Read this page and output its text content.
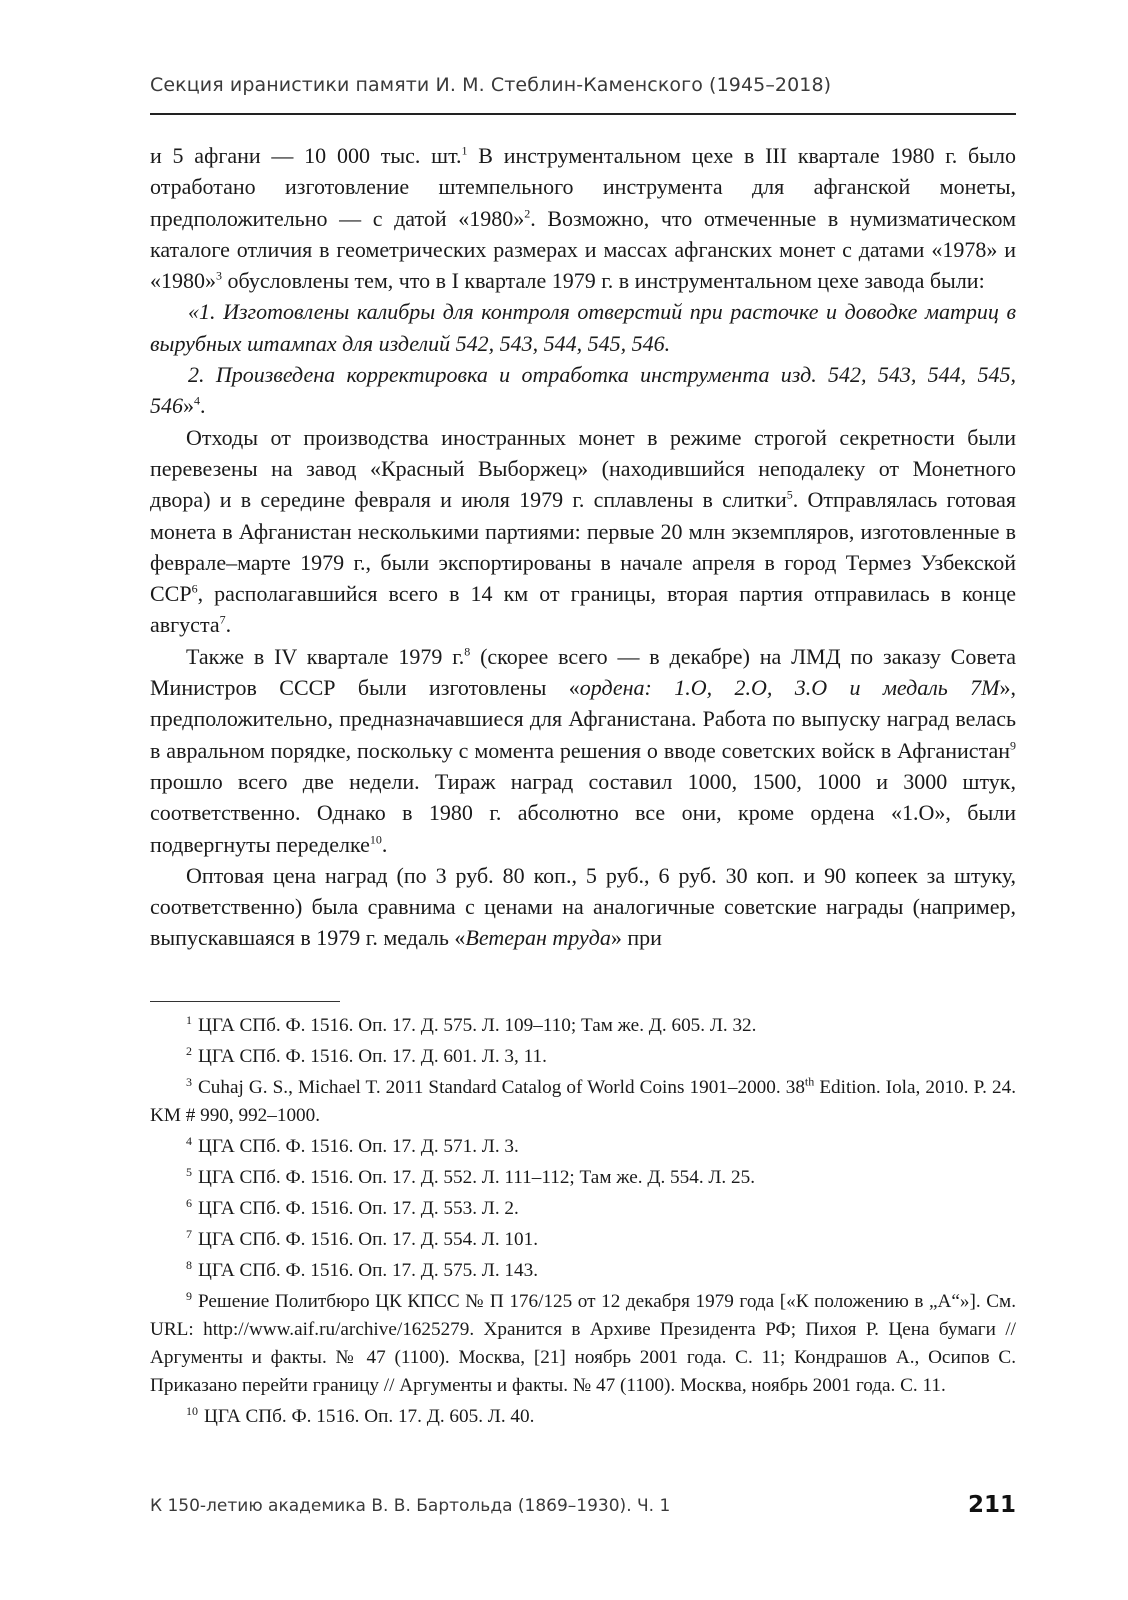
Секция иранистики памяти И. М. Стеблин-Каменского (1945–2018)

и 5 афгани — 10 000 тыс. шт.$^1$ В инструментальном цехе в III квартале 1980 г. было отработано изготовление штемпельного инструмента для афганской монеты, предположительно — с датой «1980»$^2$. Возможно, что отмеченные в нумизматическом каталоге отличия в геометрических размерах и массах афганских монет с датами «1978» и «1980»$^3$ обусловлены тем, что в I квартале 1979 г. в инструментальном цехе завода были:

«1. Изготовлены калибры для контроля отверстий при расточке и доводке матриц в вырубных штампах для изделий 542, 543, 544, 545, 546.

2. Произведена корректировка и отработка инструмента изд. 542, 543, 544, 545, 546»$^4$.

Отходы от производства иностранных монет в режиме строгой секретности были перевезены на завод «Красный Выборжец» (находившийся неподалеку от Монетного двора) и в середине февраля и июля 1979 г. сплавлены в слитки$^5$. Отправлялась готовая монета в Афганистан несколькими партиями: первые 20 млн экземпляров, изготовленные в феврале–марте 1979 г., были экспортированы в начале апреля в город Термез Узбекской ССР$^6$, располагавшийся всего в 14 км от границы, вторая партия отправилась в конце августа$^7$.

Также в IV квартале 1979 г.$^8$ (скорее всего — в декабре) на ЛМД по заказу Совета Министров СССР были изготовлены «ордена: 1.О, 2.О, 3.О и медаль 7М», предположительно, предназначавшиеся для Афганистана. Работа по выпуску наград велась в авральном порядке, поскольку с момента решения о вводе советских войск в Афганистан$^9$ прошло всего две недели. Тираж наград составил 1000, 1500, 1000 и 3000 штук, соответственно. Однако в 1980 г. абсолютно все они, кроме ордена «1.О», были подвергнуты переделке$^{10}$.

Оптовая цена наград (по 3 руб. 80 коп., 5 руб., 6 руб. 30 коп. и 90 копеек за штуку, соответственно) была сравнима с ценами на аналогичные советские награды (например, выпускавшаяся в 1979 г. медаль «Ветеран труда» при

$^1$ ЦГА СПб. Ф. 1516. Оп. 17. Д. 575. Л. 109–110; Там же. Д. 605. Л. 32.

$^2$ ЦГА СПб. Ф. 1516. Оп. 17. Д. 601. Л. 3, 11.

$^3$ Cuhaj G. S., Michael T. 2011 Standard Catalog of World Coins 1901–2000. 38th Edition. Iola, 2010. P. 24. KM # 990, 992–1000.

$^4$ ЦГА СПб. Ф. 1516. Оп. 17. Д. 571. Л. 3.

$^5$ ЦГА СПб. Ф. 1516. Оп. 17. Д. 552. Л. 111–112; Там же. Д. 554. Л. 25.

$^6$ ЦГА СПб. Ф. 1516. Оп. 17. Д. 553. Л. 2.

$^7$ ЦГА СПб. Ф. 1516. Оп. 17. Д. 554. Л. 101.

$^8$ ЦГА СПб. Ф. 1516. Оп. 17. Д. 575. Л. 143.

$^9$ Решение Политбюро ЦК КПСС № П 176/125 от 12 декабря 1979 года [«К положению в „А“»]. См. URL: http://www.aif.ru/archive/1625279. Хранится в Архиве Президента РФ; Пихоя Р. Цена бумаги // Аргументы и факты. № 47 (1100). Москва, [21] ноябрь 2001 года. С. 11; Кондрашов А., Осипов С. Приказано перейти границу // Аргументы и факты. № 47 (1100). Москва, ноябрь 2001 года. С. 11.

$^{10}$ ЦГА СПб. Ф. 1516. Оп. 17. Д. 605. Л. 40.

К 150-летию академика В. В. Бартольда (1869–1930). Ч. 1	211
